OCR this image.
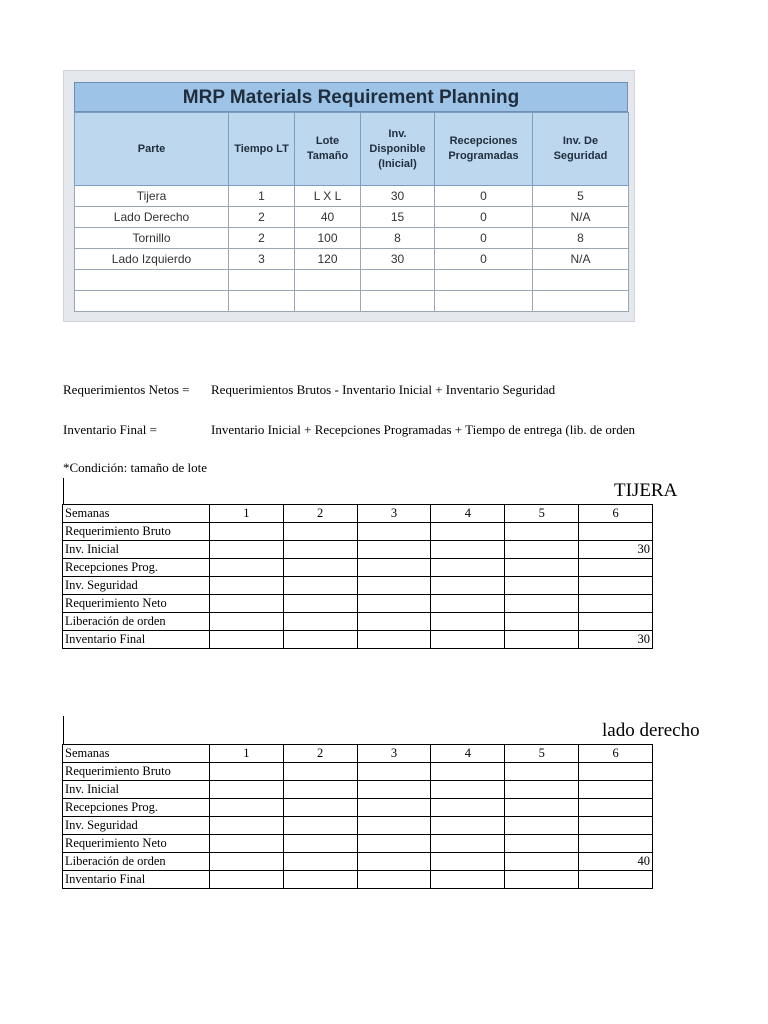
MRP Materials Requirement Planning
Parte	Tiempo LT	Lote Tamaño	Inv. Disponible (Inicial)	Recepciones Programadas	Inv. De Seguridad
Tijera	1	L X L	30	0	5
Lado Derecho	2	40	15	0	N/A
Tornillo	2	100	8	0	8
Lado Izquierdo	3	120	30	0	N/A

Requerimientos Netos = Requerimientos Brutos - Inventario Inicial + Inventario Seguridad
Inventario Final =	Inventario Inicial + Recepciones Programadas + Tiempo de entrega (lib. de orden
*Condición: tamaño de lote
TIJERA
Semanas	1	2	3	4	5	6
Requerimiento Bruto						
Inv. Inicial						30
Recepciones Prog.						
Inv. Seguridad						
Requerimiento Neto						
Liberación de orden						
Inventario Final						30
lado derecho
Semanas	1	2	3	4	5	6
Requerimiento Bruto						
Inv. Inicial						
Recepciones Prog.						
Inv. Seguridad						
Requerimiento Neto						
Liberación de orden						40
Inventario Final						
